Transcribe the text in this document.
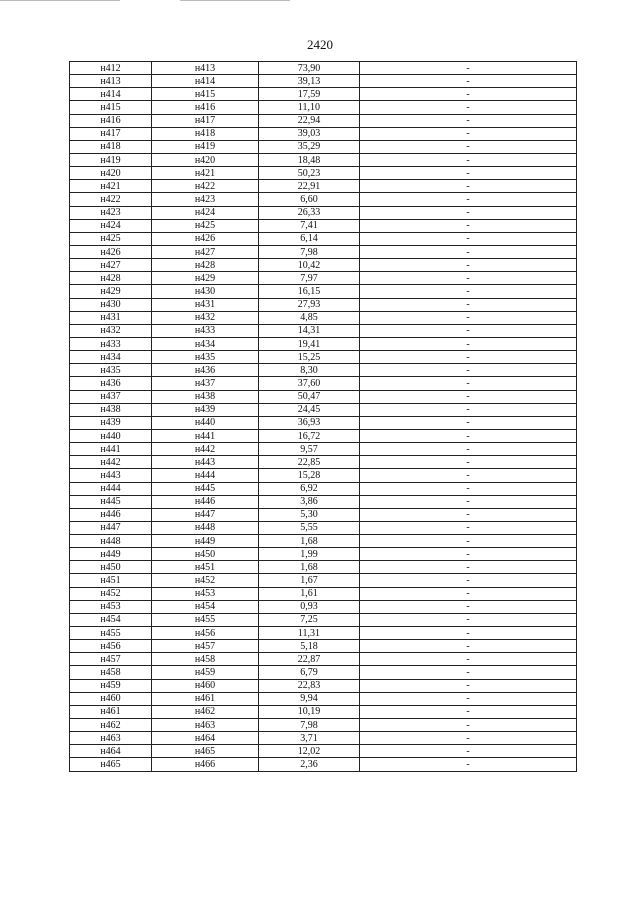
2420
н412	н413	73,90	-
н413	н414	39,13	-
н414	н415	17,59	-
н415	н416	11,10	-
н416	н417	22,94	-
н417	н418	39,03	-
н418	н419	35,29	-
н419	н420	18,48	-
н420	н421	50,23	-
н421	н422	22,91	-
н422	н423	6,60	-
н423	н424	26,33	-
н424	н425	7,41	-
н425	н426	6,14	-
н426	н427	7,98	-
н427	н428	10,42	-
н428	н429	7,97	-
н429	н430	16,15	-
н430	н431	27,93	-
н431	н432	4,85	-
н432	н433	14,31	-
н433	н434	19,41	-
н434	н435	15,25	-
н435	н436	8,30	-
н436	н437	37,60	-
н437	н438	50,47	-
н438	н439	24,45	-
н439	н440	36,93	-
н440	н441	16,72	-
н441	н442	9,57	-
н442	н443	22,85	-
н443	н444	15,28	-
н444	н445	6,92	-
н445	н446	3,86	-
н446	н447	5,30	-
н447	н448	5,55	-
н448	н449	1,68	-
н449	н450	1,99	-
н450	н451	1,68	-
н451	н452	1,67	-
н452	н453	1,61	-
н453	н454	0,93	-
н454	н455	7,25	-
н455	н456	11,31	-
н456	н457	5,18	-
н457	н458	22,87	-
н458	н459	6,79	-
н459	н460	22,83	-
н460	н461	9,94	-
н461	н462	10,19	-
н462	н463	7,98	-
н463	н464	3,71	-
н464	н465	12,02	-
н465	н466	2,36	-
